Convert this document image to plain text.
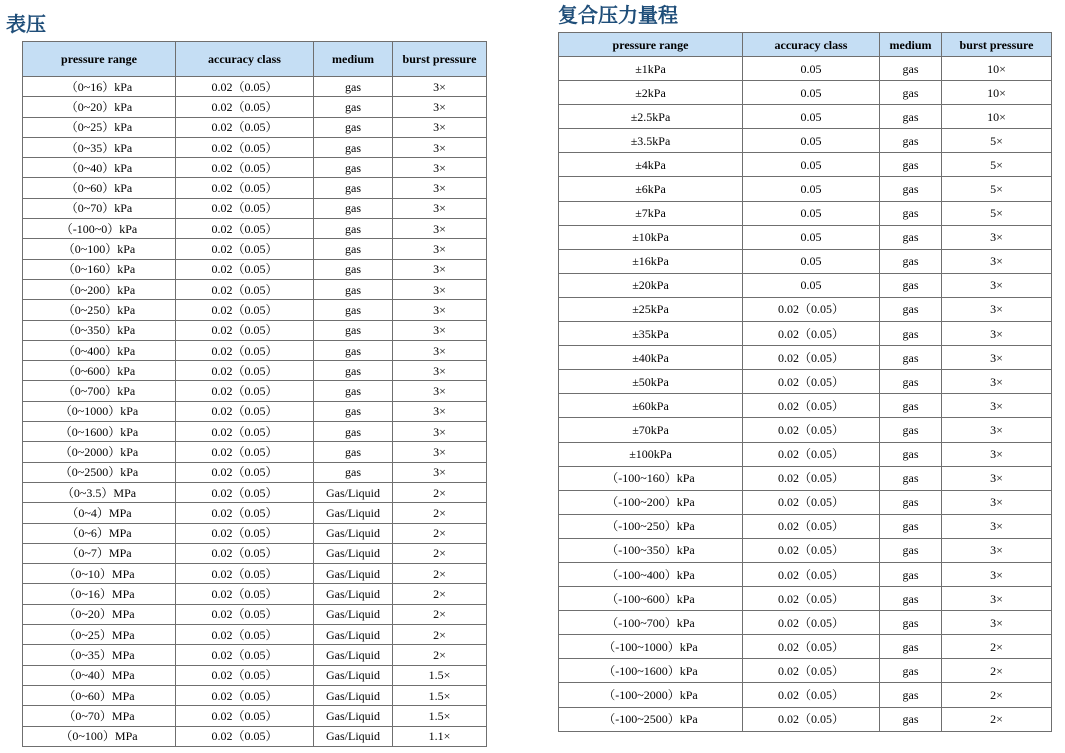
表压	复合压力量程
pressure range	accuracy class	medium	burst pressure
（0~16）kPa	0.02（0.05）	gas	3×
（0~20）kPa	0.02（0.05）	gas	3×
（0~25）kPa	0.02（0.05）	gas	3×
（0~35）kPa	0.02（0.05）	gas	3×
（0~40）kPa	0.02（0.05）	gas	3×
（0~60）kPa	0.02（0.05）	gas	3×
（0~70）kPa	0.02（0.05）	gas	3×
（-100~0）kPa	0.02（0.05）	gas	3×
（0~100）kPa	0.02（0.05）	gas	3×
（0~160）kPa	0.02（0.05）	gas	3×
（0~200）kPa	0.02（0.05）	gas	3×
（0~250）kPa	0.02（0.05）	gas	3×
（0~350）kPa	0.02（0.05）	gas	3×
（0~400）kPa	0.02（0.05）	gas	3×
（0~600）kPa	0.02（0.05）	gas	3×
（0~700）kPa	0.02（0.05）	gas	3×
（0~1000）kPa	0.02（0.05）	gas	3×
（0~1600）kPa	0.02（0.05）	gas	3×
（0~2000）kPa	0.02（0.05）	gas	3×
（0~2500）kPa	0.02（0.05）	gas	3×
（0~3.5）MPa	0.02（0.05）	Gas/Liquid	2×
（0~4）MPa	0.02（0.05）	Gas/Liquid	2×
（0~6）MPa	0.02（0.05）	Gas/Liquid	2×
（0~7）MPa	0.02（0.05）	Gas/Liquid	2×
（0~10）MPa	0.02（0.05）	Gas/Liquid	2×
（0~16）MPa	0.02（0.05）	Gas/Liquid	2×
（0~20）MPa	0.02（0.05）	Gas/Liquid	2×
（0~25）MPa	0.02（0.05）	Gas/Liquid	2×
（0~35）MPa	0.02（0.05）	Gas/Liquid	2×
（0~40）MPa	0.02（0.05）	Gas/Liquid	1.5×
（0~60）MPa	0.02（0.05）	Gas/Liquid	1.5×
（0~70）MPa	0.02（0.05）	Gas/Liquid	1.5×
（0~100）MPa	0.02（0.05）	Gas/Liquid	1.1×
pressure range	accuracy class	medium	burst pressure
±1kPa	0.05	gas	10×
±2kPa	0.05	gas	10×
±2.5kPa	0.05	gas	10×
±3.5kPa	0.05	gas	5×
±4kPa	0.05	gas	5×
±6kPa	0.05	gas	5×
±7kPa	0.05	gas	5×
±10kPa	0.05	gas	3×
±16kPa	0.05	gas	3×
±20kPa	0.05	gas	3×
±25kPa	0.02（0.05）	gas	3×
±35kPa	0.02（0.05）	gas	3×
±40kPa	0.02（0.05）	gas	3×
±50kPa	0.02（0.05）	gas	3×
±60kPa	0.02（0.05）	gas	3×
±70kPa	0.02（0.05）	gas	3×
±100kPa	0.02（0.05）	gas	3×
（-100~160）kPa	0.02（0.05）	gas	3×
（-100~200）kPa	0.02（0.05）	gas	3×
（-100~250）kPa	0.02（0.05）	gas	3×
（-100~350）kPa	0.02（0.05）	gas	3×
（-100~400）kPa	0.02（0.05）	gas	3×
（-100~600）kPa	0.02（0.05）	gas	3×
（-100~700）kPa	0.02（0.05）	gas	3×
（-100~1000）kPa	0.02（0.05）	gas	2×
（-100~1600）kPa	0.02（0.05）	gas	2×
（-100~2000）kPa	0.02（0.05）	gas	2×
（-100~2500）kPa	0.02（0.05）	gas	2×
